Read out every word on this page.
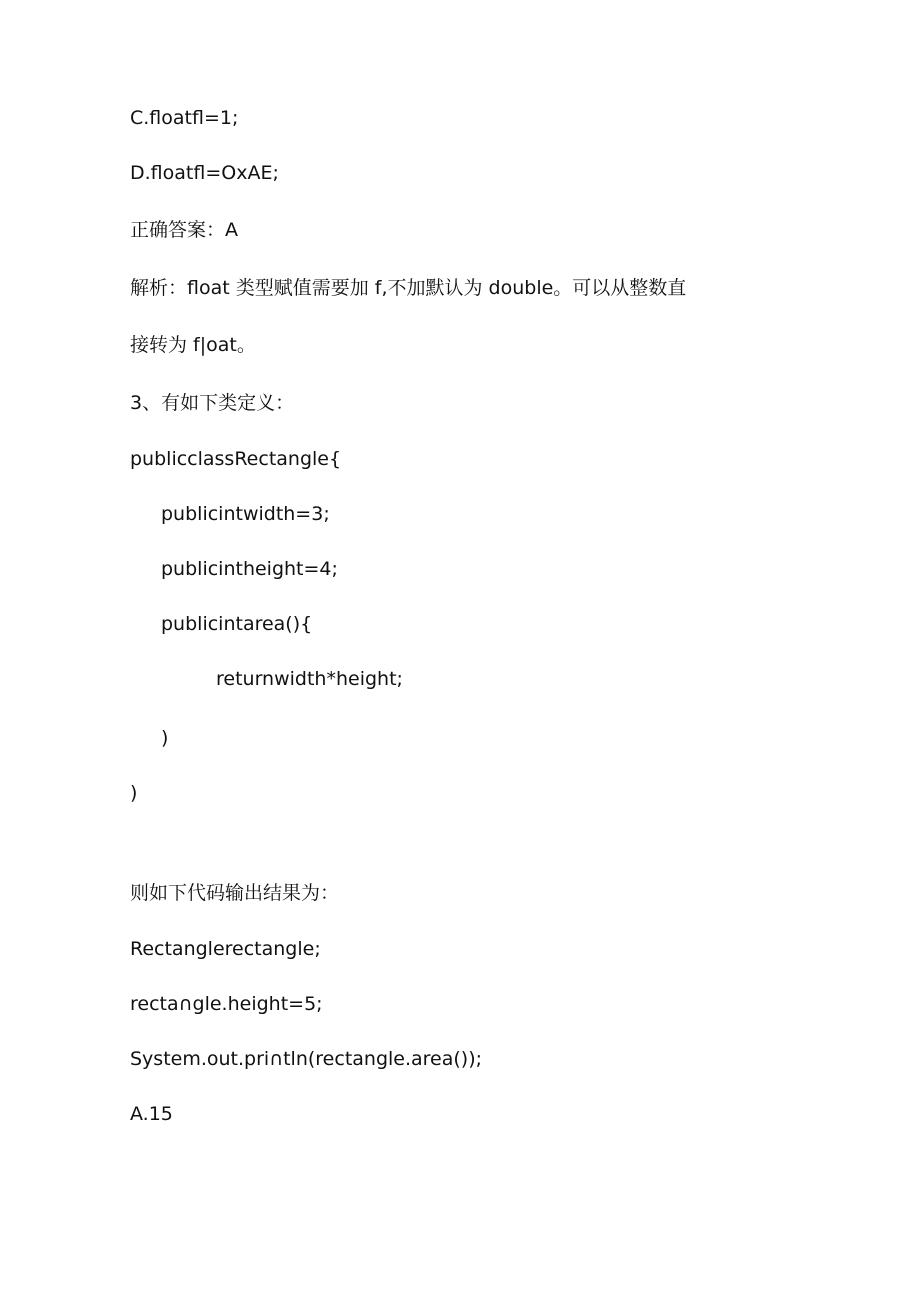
C.floatfl=1;
D.floatfl=OxAE;
正确答案：A
解析：float 类型赋值需要加 f,不加默认为 double。可以从整数直
接转为 f|oat。
3、有如下类定义：
publicclassRectangle{
publicintwidth=3;
publicintheight=4;
publicintarea(){
returnwidth*height;
)
)
则如下代码输出结果为：
Rectanglerectangle;
recta∩gle.height=5;
System.out.pri∩tln(rectangle.area());
A.15
